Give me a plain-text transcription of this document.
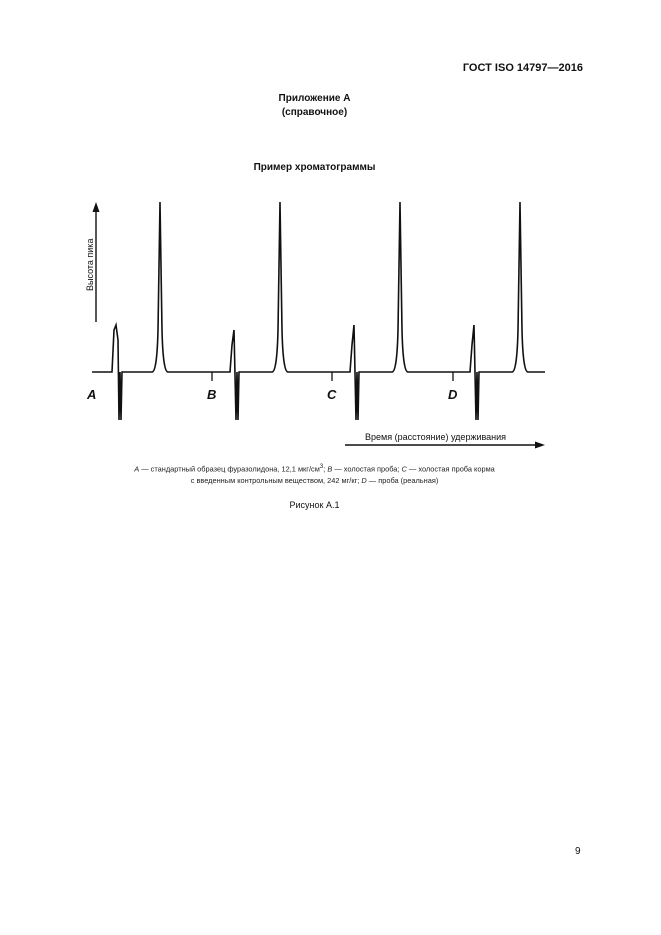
ГОСТ ISO 14797—2016
Приложение А
(справочное)
Пример хроматограммы
Высота пика
A	B	C	D
Время (расстояние) удерживания
А — стандартный образец фуразолидона, 12,1 мкг/$см^3$; В — холостая проба; С — холостая проба корма
с введенным контрольным веществом, 242 мг/кг; D — проба (реальная)
Рисунок А.1
9
